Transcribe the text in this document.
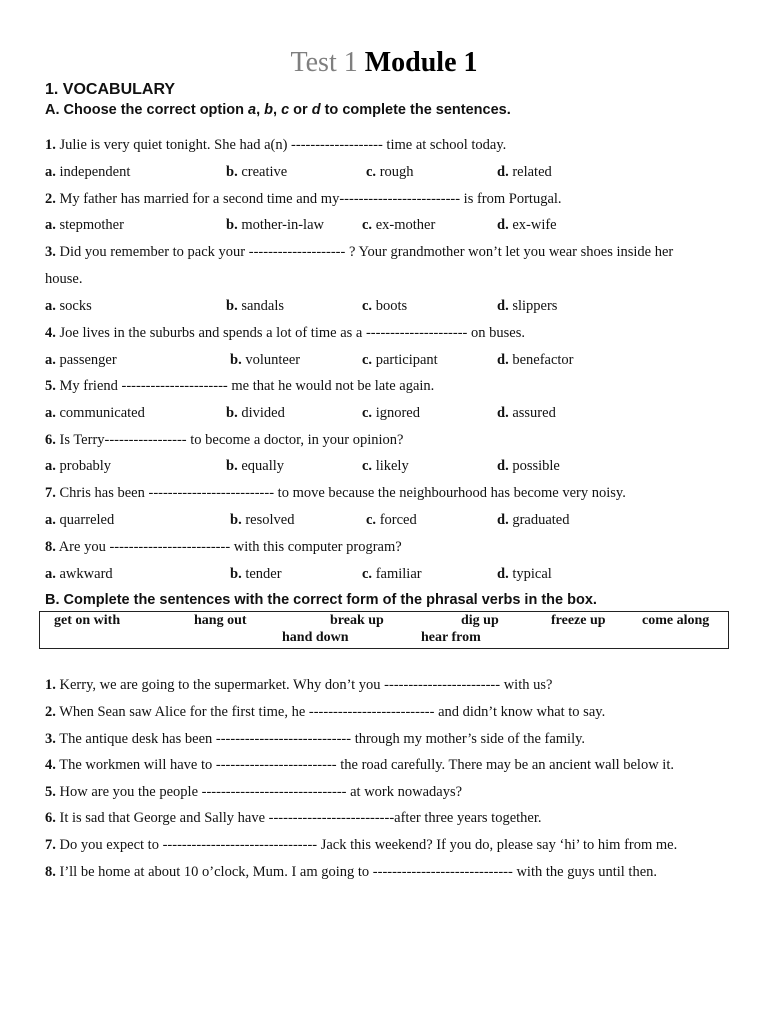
Test 1 Module 1
1. VOCABULARY
A. Choose the correct option a, b, c or d to complete the sentences.
1. Julie is very quiet tonight. She had a(n) ------------------- time at school today.
a. independent	b. creative	c. rough	d. related
2. My father has married for a second time and my------------------------- is from Portugal.
a. stepmother	b. mother-in-law	c. ex-mother	d. ex-wife
3. Did you remember to pack your -------------------- ? Your grandmother won’t let you wear shoes inside her
house.
a. socks	b. sandals	c. boots	d. slippers
4. Joe lives in the suburbs and spends a lot of time as a --------------------- on buses.
a. passenger	b. volunteer	c. participant	d. benefactor
5. My friend ---------------------- me that he would not be late again.
a. communicated	b. divided	c. ignored	d. assured
6. Is Terry----------------- to become a doctor, in your opinion?
a. probably	b. equally	c. likely	d. possible
7. Chris has been -------------------------- to move because the neighbourhood has become very noisy.
a. quarreled	b. resolved	c. forced	d. graduated
8. Are you ------------------------- with this computer program?
a. awkward	b. tender	c. familiar	d. typical
B. Complete the sentences with the correct form of the phrasal verbs in the box.
get on with	hang out	break up	dig up	freeze up	come along
hand down	hear from
1. Kerry, we are going to the supermarket. Why don’t you ------------------------ with us?
2. When Sean saw Alice for the first time, he -------------------------- and didn’t know what to say.
3. The antique desk has been ---------------------------- through my mother’s side of the family.
4. The workmen will have to ------------------------- the road carefully. There may be an ancient wall below it.
5. How are you the people ------------------------------ at work nowadays?
6. It is sad that George and Sally have --------------------------after three years together.
7. Do you expect to -------------------------------- Jack this weekend? If you do, please say ‘hi’ to him from me.
8. I’ll be home at about 10 o’clock, Mum. I am going to ----------------------------- with the guys until then.
